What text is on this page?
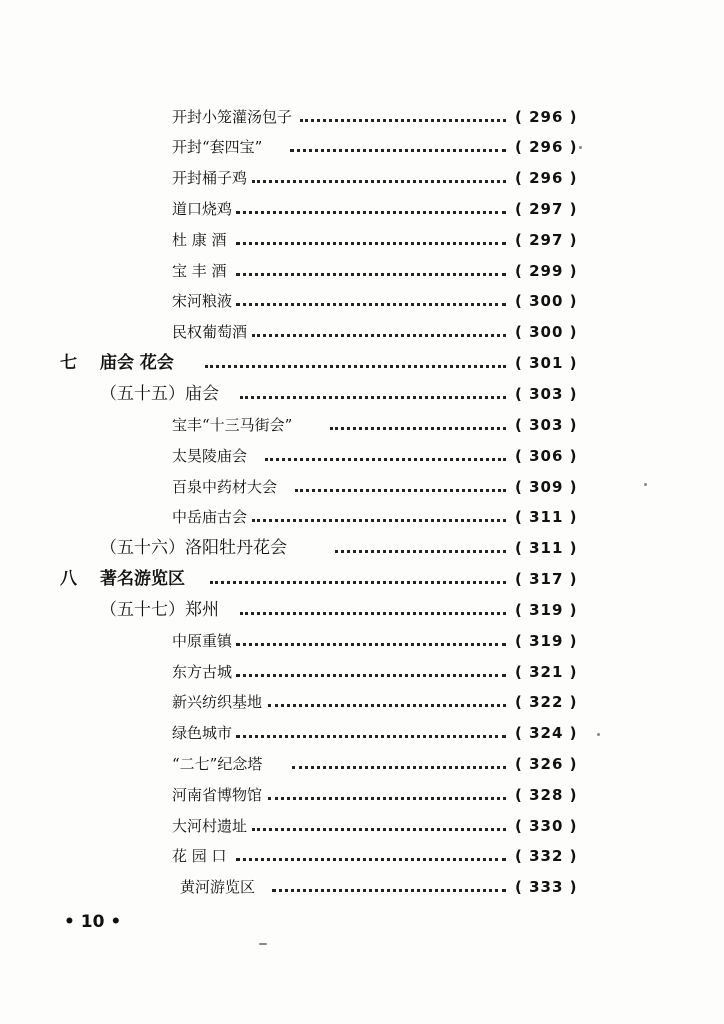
开封小笼灌汤包子	( 296 )
开封“套四宝”	( 296 )
开封桶子鸡	( 296 )
道口烧鸡	( 297 )
杜 康 酒	( 297 )
宝 丰 酒	( 299 )
宋河粮液	( 300 )
民权葡萄酒	( 300 )
七 庙会 花会	( 301 )
（五十五）庙会	( 303 )
宝丰“十三马街会”	( 303 )
太昊陵庙会	( 306 )
百泉中药材大会	( 309 )
中岳庙古会	( 311 )
（五十六）洛阳牡丹花会	( 311 )
八 著名游览区	( 317 )
（五十七）郑州	( 319 )
中原重镇	( 319 )
东方古城	( 321 )
新兴纺织基地	( 322 )
绿色城市	( 324 )
“二七”纪念塔	( 326 )
河南省博物馆	( 328 )
大河村遗址	( 330 )
花 园 口	( 332 )
黄河游览区	( 333 )
• 10 •
